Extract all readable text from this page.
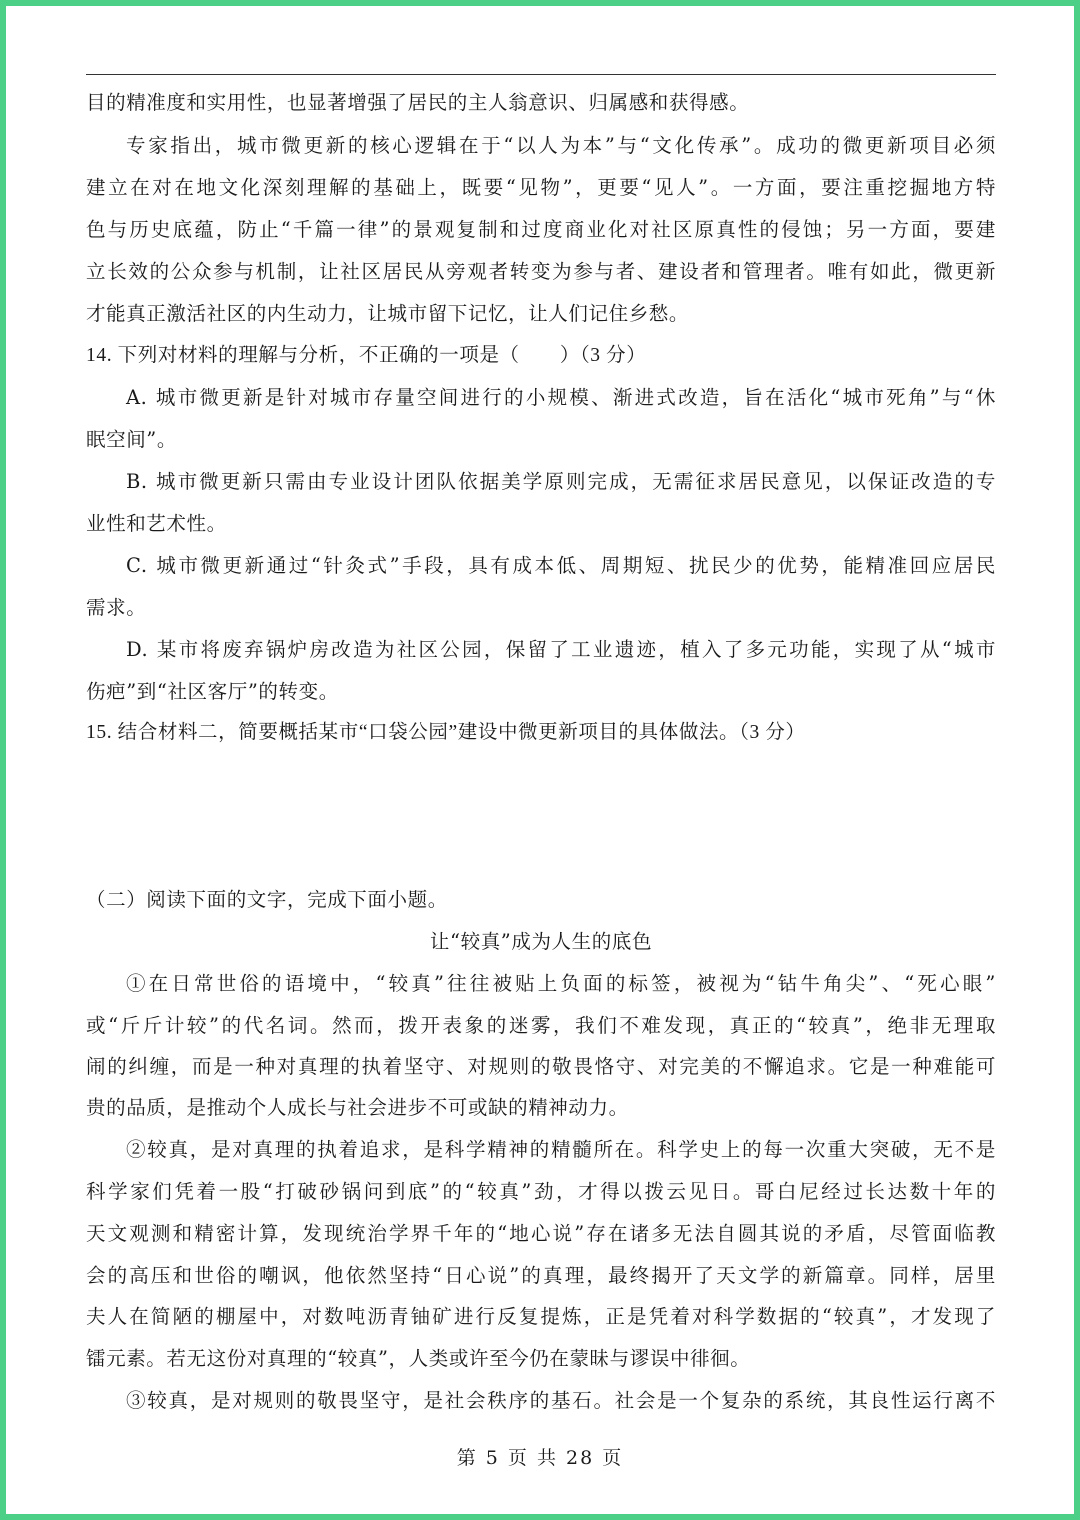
目的精准度和实用性，也显著增强了居民的主人翁意识、归属感和获得感。
专家指出，城市微更新的核心逻辑在于“以人为本”与“文化传承”。成功的微更新项目必须
建立在对在地文化深刻理解的基础上，既要“见物”，更要“见人”。一方面，要注重挖掘地方特
色与历史底蕴，防止“千篇一律”的景观复制和过度商业化对社区原真性的侵蚀；另一方面，要建
立长效的公众参与机制，让社区居民从旁观者转变为参与者、建设者和管理者。唯有如此，微更新
才能真正激活社区的内生动力，让城市留下记忆，让人们记住乡愁。
14. 下列对材料的理解与分析，不正确的一项是（　　）（3 分）
A. 城市微更新是针对城市存量空间进行的小规模、渐进式改造，旨在活化“城市死角”与“休
眠空间”。
B. 城市微更新只需由专业设计团队依据美学原则完成，无需征求居民意见，以保证改造的专
业性和艺术性。
C. 城市微更新通过“针灸式”手段，具有成本低、周期短、扰民少的优势，能精准回应居民
需求。
D. 某市将废弃锅炉房改造为社区公园，保留了工业遗迹，植入了多元功能，实现了从“城市
伤疤”到“社区客厅”的转变。
15. 结合材料二，简要概括某市“口袋公园”建设中微更新项目的具体做法。（3 分）
（二）阅读下面的文字，完成下面小题。
让“较真”成为人生的底色
①在日常世俗的语境中，“较真”往往被贴上负面的标签，被视为“钻牛角尖”、“死心眼”
或“斤斤计较”的代名词。然而，拨开表象的迷雾，我们不难发现，真正的“较真”，绝非无理取
闹的纠缠，而是一种对真理的执着坚守、对规则的敬畏恪守、对完美的不懈追求。它是一种难能可
贵的品质，是推动个人成长与社会进步不可或缺的精神动力。
②较真，是对真理的执着追求，是科学精神的精髓所在。科学史上的每一次重大突破，无不是
科学家们凭着一股“打破砂锅问到底”的“较真”劲，才得以拨云见日。哥白尼经过长达数十年的
天文观测和精密计算，发现统治学界千年的“地心说”存在诸多无法自圆其说的矛盾，尽管面临教
会的高压和世俗的嘲讽，他依然坚持“日心说”的真理，最终揭开了天文学的新篇章。同样，居里
夫人在简陋的棚屋中，对数吨沥青铀矿进行反复提炼，正是凭着对科学数据的“较真”，才发现了
镭元素。若无这份对真理的“较真”，人类或许至今仍在蒙昧与谬误中徘徊。
③较真，是对规则的敬畏坚守，是社会秩序的基石。社会是一个复杂的系统，其良性运行离不
第 5 页 共 28 页
